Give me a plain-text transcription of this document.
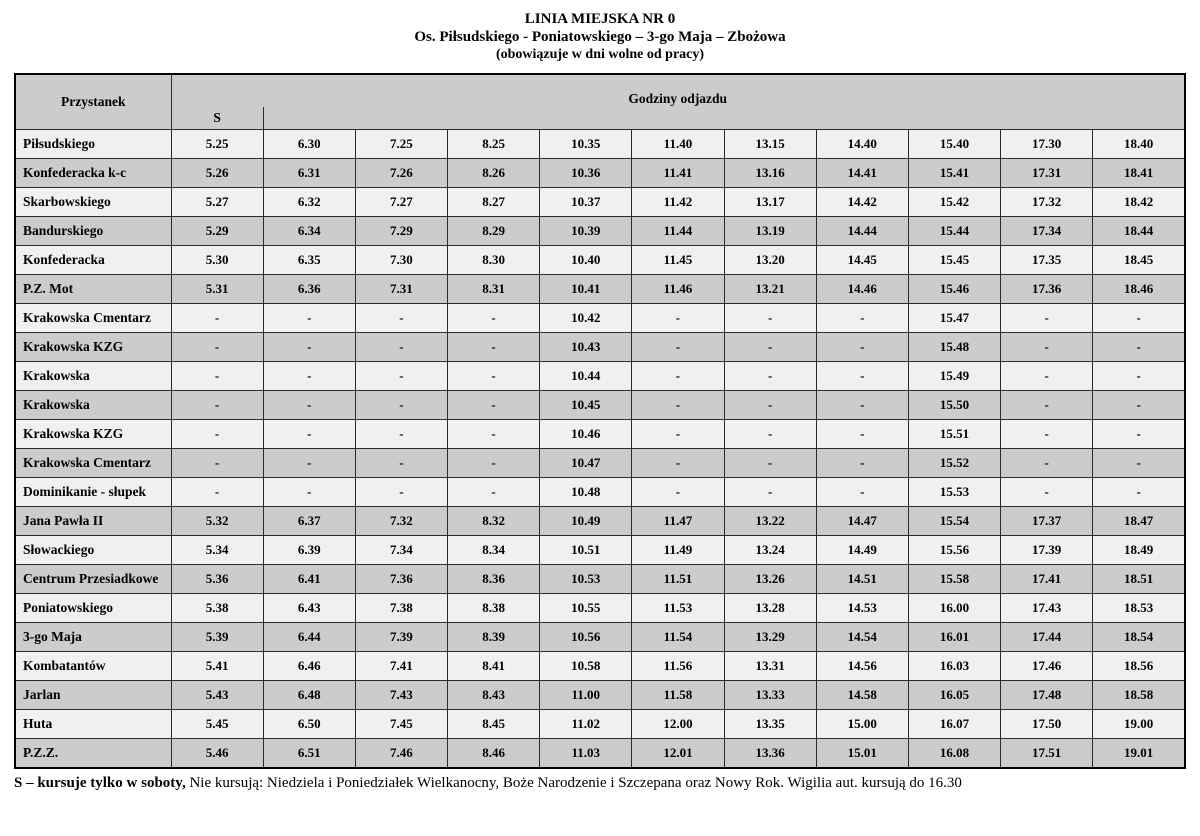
LINIA MIEJSKA NR 0
Os. Piłsudskiego - Poniatowskiego – 3-go Maja – Zbożowa
(obowiązuje w dni wolne od pracy)
Przystanek	Godziny odjazdu										
	S										
Piłsudskiego	5.25	6.30	7.25	8.25	10.35	11.40	13.15	14.40	15.40	17.30	18.40
Konfederacka k-c	5.26	6.31	7.26	8.26	10.36	11.41	13.16	14.41	15.41	17.31	18.41
Skarbowskiego	5.27	6.32	7.27	8.27	10.37	11.42	13.17	14.42	15.42	17.32	18.42
Bandurskiego	5.29	6.34	7.29	8.29	10.39	11.44	13.19	14.44	15.44	17.34	18.44
Konfederacka	5.30	6.35	7.30	8.30	10.40	11.45	13.20	14.45	15.45	17.35	18.45
P.Z. Mot	5.31	6.36	7.31	8.31	10.41	11.46	13.21	14.46	15.46	17.36	18.46
Krakowska Cmentarz	-	-	-	-	10.42	-	-	-	15.47	-	-
Krakowska KZG	-	-	-	-	10.43	-	-	-	15.48	-	-
Krakowska	-	-	-	-	10.44	-	-	-	15.49	-	-
Krakowska	-	-	-	-	10.45	-	-	-	15.50	-	-
Krakowska KZG	-	-	-	-	10.46	-	-	-	15.51	-	-
Krakowska Cmentarz	-	-	-	-	10.47	-	-	-	15.52	-	-
Dominikanie - słupek	-	-	-	-	10.48	-	-	-	15.53	-	-
Jana Pawła II	5.32	6.37	7.32	8.32	10.49	11.47	13.22	14.47	15.54	17.37	18.47
Słowackiego	5.34	6.39	7.34	8.34	10.51	11.49	13.24	14.49	15.56	17.39	18.49
Centrum Przesiadkowe	5.36	6.41	7.36	8.36	10.53	11.51	13.26	14.51	15.58	17.41	18.51
Poniatowskiego	5.38	6.43	7.38	8.38	10.55	11.53	13.28	14.53	16.00	17.43	18.53
3-go Maja	5.39	6.44	7.39	8.39	10.56	11.54	13.29	14.54	16.01	17.44	18.54
Kombatantów	5.41	6.46	7.41	8.41	10.58	11.56	13.31	14.56	16.03	17.46	18.56
Jarlan	5.43	6.48	7.43	8.43	11.00	11.58	13.33	14.58	16.05	17.48	18.58
Huta	5.45	6.50	7.45	8.45	11.02	12.00	13.35	15.00	16.07	17.50	19.00
P.Z.Z.	5.46	6.51	7.46	8.46	11.03	12.01	13.36	15.01	16.08	17.51	19.01
S – kursuje tylko w soboty, Nie kursują: Niedziela i Poniedziałek Wielkanocny, Boże Narodzenie i Szczepana oraz Nowy Rok. Wigilia aut. kursują do 16.30
